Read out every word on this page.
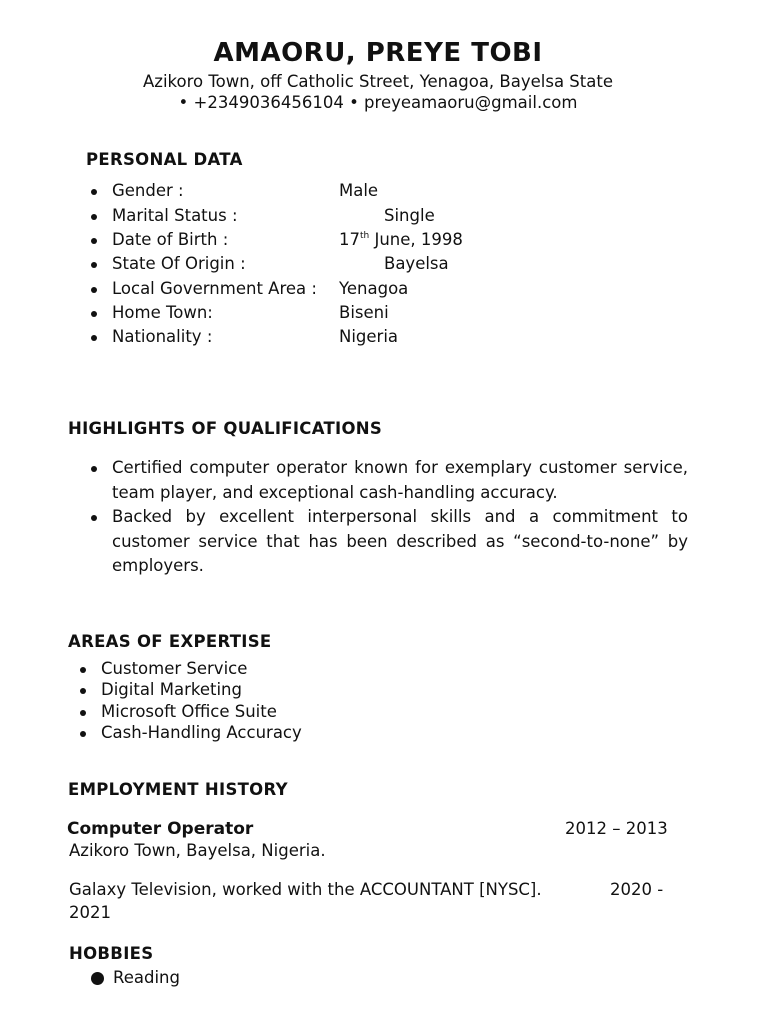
AMAORU, PREYE TOBI
Azikoro Town, off Catholic Street, Yenagoa, Bayelsa State
• +2349036456104 • preyeamaoru@gmail.com
PERSONAL DATA
Gender :	Male
Marital Status :	Single
Date of Birth :	17th June, 1998
State Of Origin :	Bayelsa
Local Government Area : Yenagoa
Home Town:	Biseni
Nationality :	Nigeria
HIGHLIGHTS OF QUALIFICATIONS
Certified computer operator known for exemplary customer service, team player, and exceptional cash-handling accuracy.
Backed by excellent interpersonal skills and a commitment to customer service that has been described as “second-to-none” by employers.
AREAS OF EXPERTISE
Customer Service
Digital Marketing
Microsoft Office Suite
Cash-Handling Accuracy
EMPLOYMENT HISTORY
Computer Operator	2012 – 2013
Azikoro Town, Bayelsa, Nigeria.
Galaxy Television, worked with the ACCOUNTANT [NYSC].	2020 -
2021
HOBBIES
Reading
